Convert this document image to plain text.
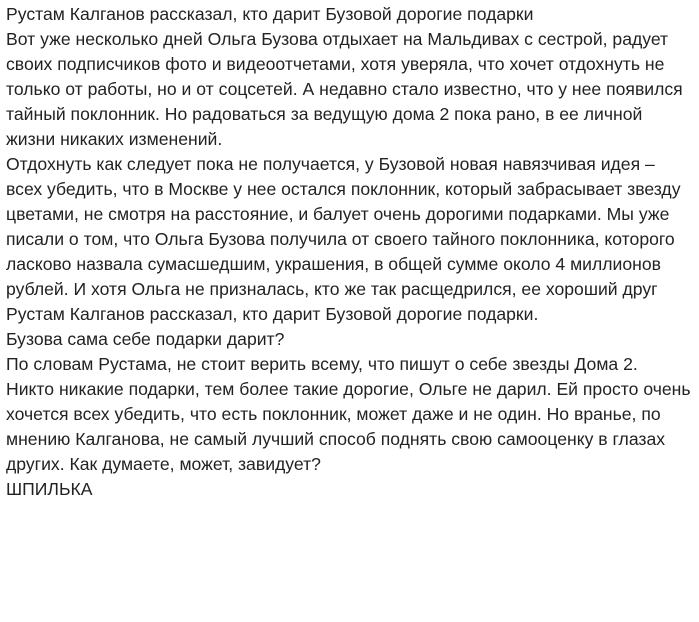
Рустам Калганов рассказал, кто дарит Бузовой дорогие подарки

Вот уже несколько дней Ольга Бузова отдыхает на Мальдивах с сестрой, радует

своих подписчиков фото и видеоотчетами, хотя уверяла, что хочет отдохнуть не

только от работы, но и от соцсетей. А недавно стало известно, что у нее появился

тайный поклонник. Но радоваться за ведущую дома 2 пока рано, в ее личной

жизни никаких изменений.

Отдохнуть как следует пока не получается, у Бузовой новая навязчивая идея –

всех убедить, что в Москве у нее остался поклонник, который забрасывает звезду

цветами, не смотря на расстояние, и балует очень дорогими подарками. Мы уже

писали о том, что Ольга Бузова получила от своего тайного поклонника, которого

ласково назвала сумасшедшим, украшения, в общей сумме около 4 миллионов

рублей. И хотя Ольга не призналась, кто же так расщедрился, ее хороший друг

Рустам Калганов рассказал, кто дарит Бузовой дорогие подарки.

Бузова сама себе подарки дарит?

По словам Рустама, не стоит верить всему, что пишут о себе звезды Дома 2.

Никто никакие подарки, тем более такие дорогие, Ольге не дарил. Ей просто очень

хочется всех убедить, что есть поклонник, может даже и не один. Но вранье, по

мнению Калганова, не самый лучший способ поднять свою самооценку в глазах

других. Как думаете, может, завидует?

ШПИЛЬКА
